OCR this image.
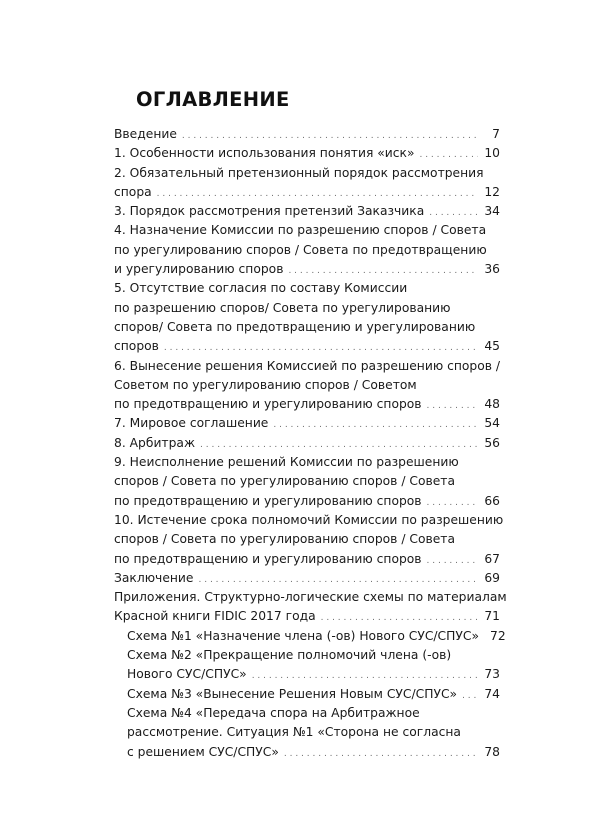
ОГЛАВЛЕНИЕ
Введение . . .	7
1. Особенности использования понятия «иск» . . .	10
2. Обязательный претензионный порядок рассмотрения
спора . . .	12
3. Порядок рассмотрения претензий Заказчика . . .	34
4. Назначение Комиссии по разрешению споров / Совета
по урегулированию споров / Совета по предотвращению
и урегулированию споров . . .	36
5. Отсутствие согласия по составу Комиссии
по разрешению споров/ Совета по урегулированию
споров/ Совета по предотвращению и урегулированию
споров . . .	45
6. Вынесение решения Комиссией по разрешению споров /
Советом по урегулированию споров / Советом
по предотвращению и урегулированию споров . . .	48
7. Мировое соглашение . . .	54
8. Арбитраж . . .	56
9. Неисполнение решений Комиссии по разрешению
споров / Совета по урегулированию споров / Совета
по предотвращению и урегулированию споров . . .	66
10. Истечение срока полномочий Комиссии по разрешению
споров / Совета по урегулированию споров / Совета
по предотвращению и урегулированию споров . . .	67
Заключение . . .	69
Приложения. Структурно-логические схемы по материалам
Красной книги FIDIC 2017 года . . .	71
Схема №1 «Назначение члена (-ов) Нового СУС/СПУС» 72
Схема №2 «Прекращение полномочий члена (-ов)
Нового СУС/СПУС» . . .	73
Схема №3 «Вынесение Решения Новым СУС/СПУС» . . . 74
Схема №4 «Передача спора на Арбитражное
рассмотрение. Ситуация №1 «Сторона не согласна
с решением СУС/СПУС» . . .	78
